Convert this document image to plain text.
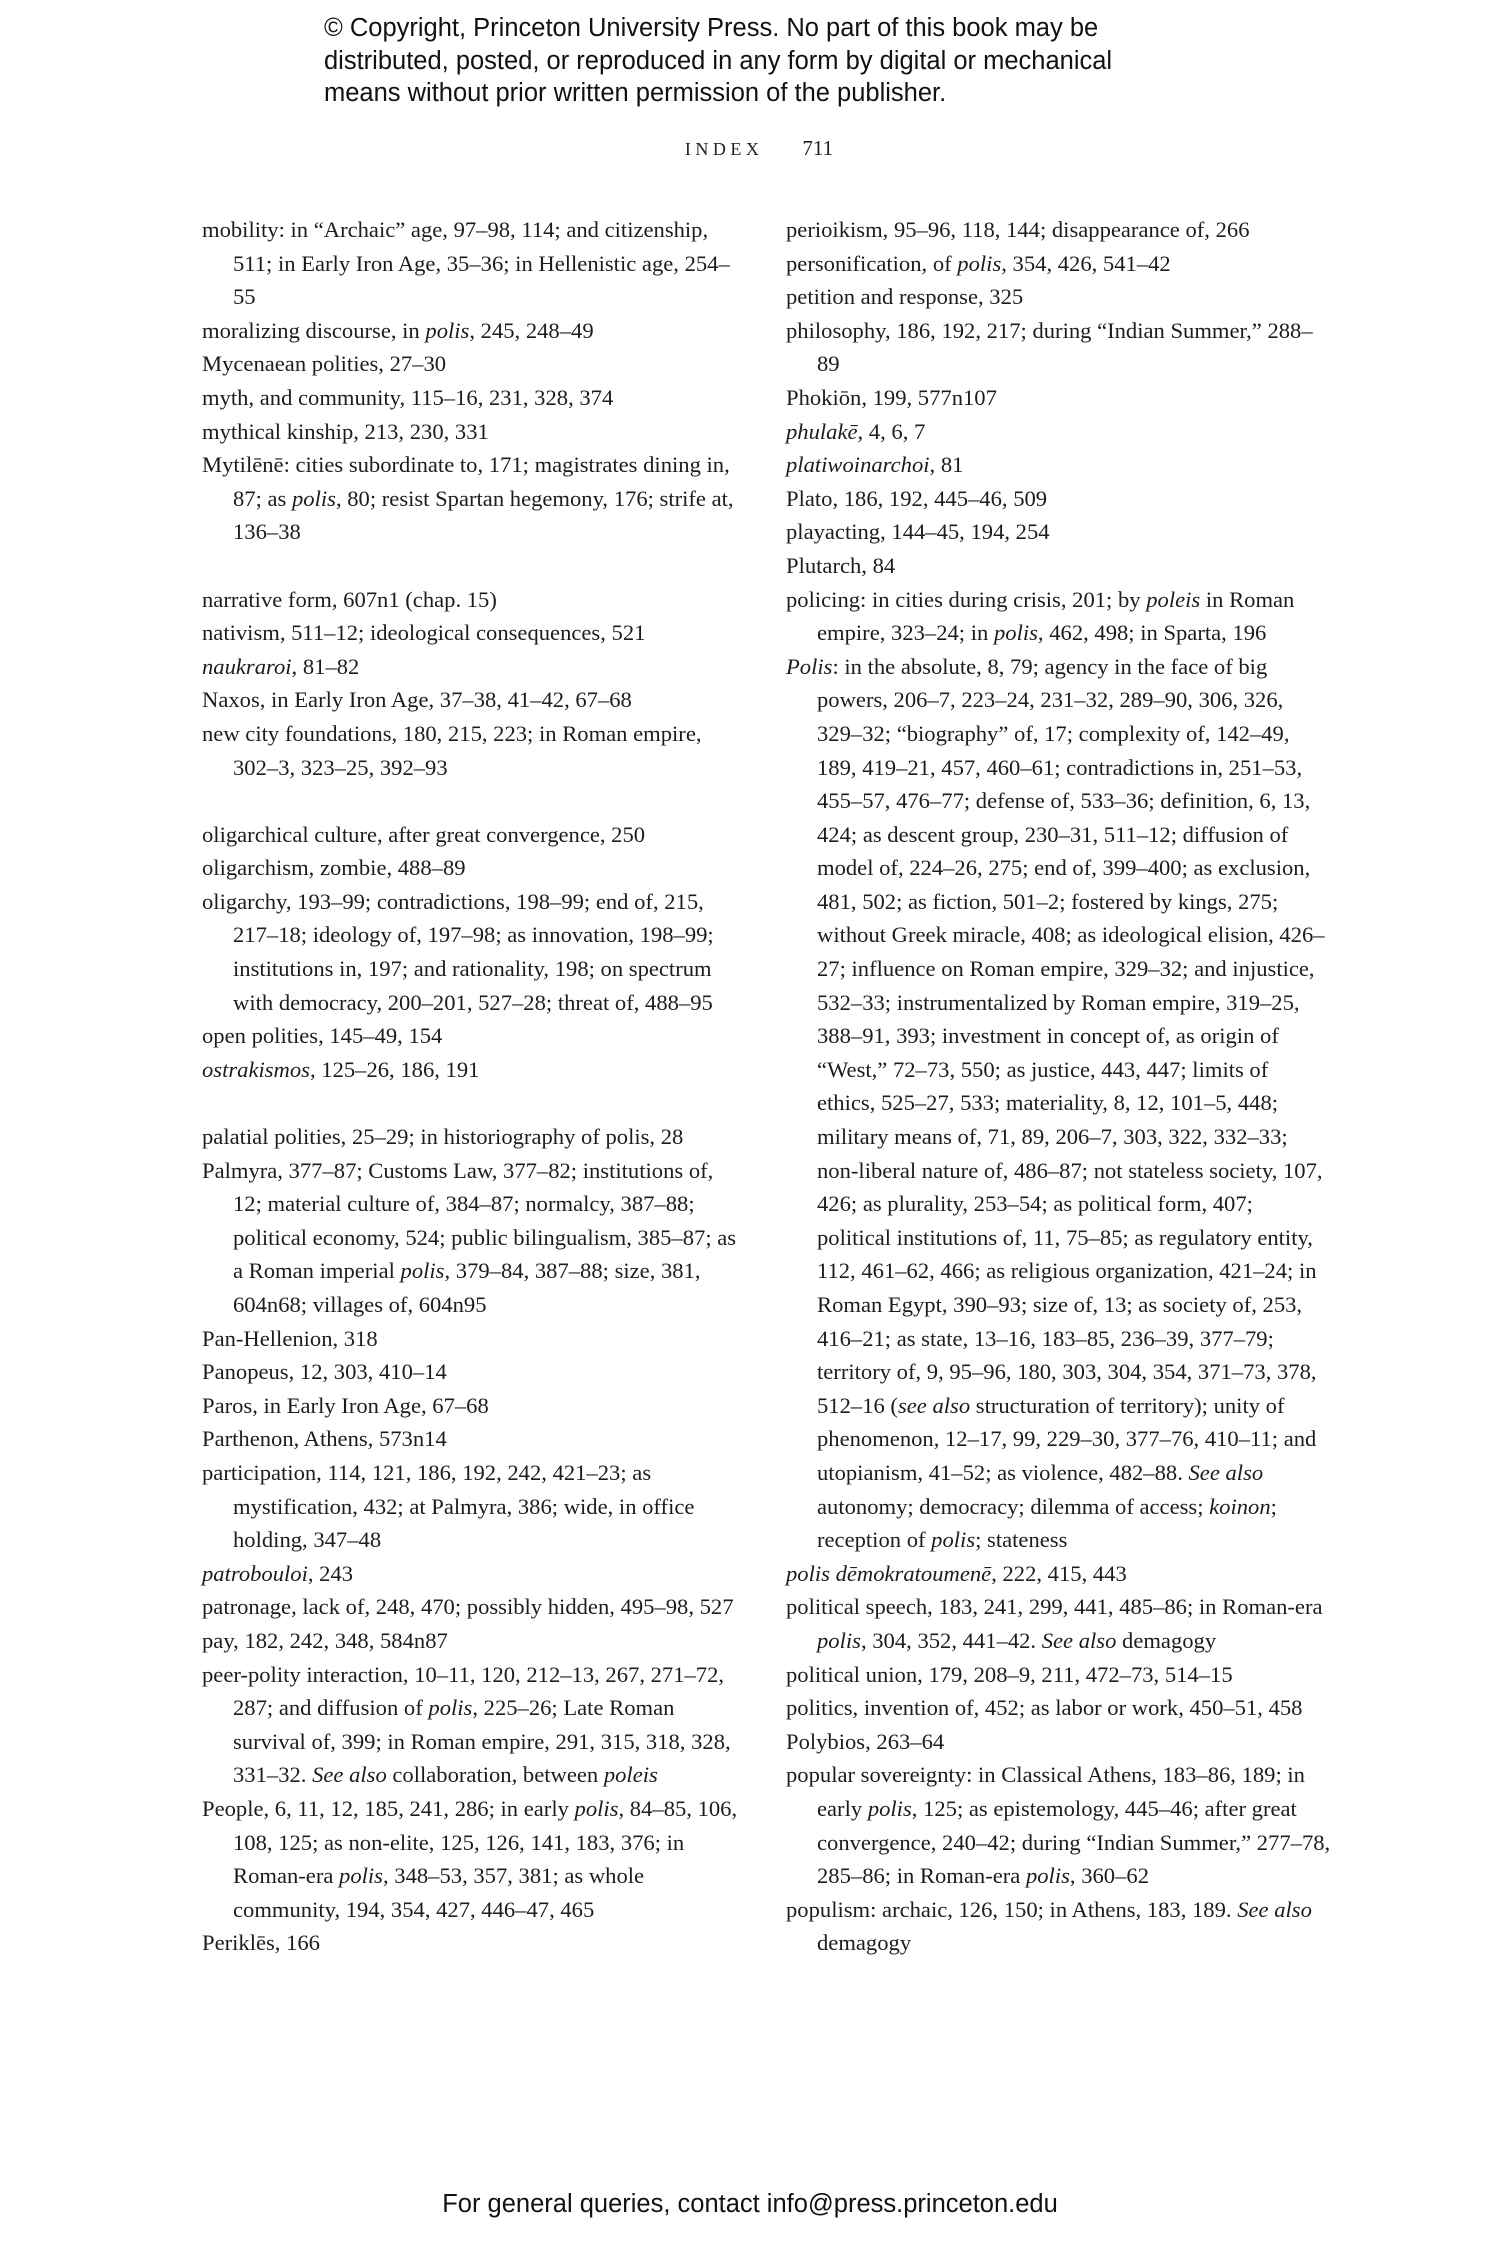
© Copyright, Princeton University Press. No part of this book may be
distributed, posted, or reproduced in any form by digital or mechanical
means without prior written permission of the publisher.
INDEX 711
mobility: in “Archaic” age, 97–98, 114; and citizenship, 511; in Early Iron Age, 35–36; in Hellenistic age, 254–55
moralizing discourse, in polis, 245, 248–49
Mycenaean polities, 27–30
myth, and community, 115–16, 231, 328, 374
mythical kinship, 213, 230, 331
Mytilēnē: cities subordinate to, 171; magistrates dining in, 87; as polis, 80; resist Spartan hegemony, 176; strife at, 136–38
narrative form, 607n1 (chap. 15)
nativism, 511–12; ideological consequences, 521
naukraroi, 81–82
Naxos, in Early Iron Age, 37–38, 41–42, 67–68
new city foundations, 180, 215, 223; in Roman empire, 302–3, 323–25, 392–93
oligarchical culture, after great convergence, 250
oligarchism, zombie, 488–89
oligarchy, 193–99; contradictions, 198–99; end of, 215, 217–18; ideology of, 197–98; as innovation, 198–99; institutions in, 197; and rationality, 198; on spectrum with democracy, 200–201, 527–28; threat of, 488–95
open polities, 145–49, 154
ostrakismos, 125–26, 186, 191
palatial polities, 25–29; in historiography of polis, 28
Palmyra, 377–87; Customs Law, 377–82; institutions of, 12; material culture of, 384–87; normalcy, 387–88; political economy, 524; public bilingualism, 385–87; as a Roman imperial polis, 379–84, 387–88; size, 381, 604n68; villages of, 604n95
Pan-Hellenion, 318
Panopeus, 12, 303, 410–14
Paros, in Early Iron Age, 67–68
Parthenon, Athens, 573n14
participation, 114, 121, 186, 192, 242, 421–23; as mystification, 432; at Palmyra, 386; wide, in office holding, 347–48
patrobouloi, 243
patronage, lack of, 248, 470; possibly hidden, 495–98, 527
pay, 182, 242, 348, 584n87
peer-polity interaction, 10–11, 120, 212–13, 267, 271–72, 287; and diffusion of polis, 225–26; Late Roman survival of, 399; in Roman empire, 291, 315, 318, 328, 331–32. See also collaboration, between poleis
People, 6, 11, 12, 185, 241, 286; in early polis, 84–85, 106, 108, 125; as non-elite, 125, 126, 141, 183, 376; in Roman-era polis, 348–53, 357, 381; as whole community, 194, 354, 427, 446–47, 465
Periklēs, 166
perioikism, 95–96, 118, 144; disappearance of, 266
personification, of polis, 354, 426, 541–42
petition and response, 325
philosophy, 186, 192, 217; during “Indian Summer,” 288–89
Phokiōn, 199, 577n107
phulakē, 4, 6, 7
platiwoinarchoi, 81
Plato, 186, 192, 445–46, 509
playacting, 144–45, 194, 254
Plutarch, 84
policing: in cities during crisis, 201; by poleis in Roman empire, 323–24; in polis, 462, 498; in Sparta, 196
Polis: in the absolute, 8, 79; agency in the face of big powers, 206–7, 223–24, 231–32, 289–90, 306, 326, 329–32; “biography” of, 17; complexity of, 142–49, 189, 419–21, 457, 460–61; contradictions in, 251–53, 455–57, 476–77; defense of, 533–36; definition, 6, 13, 424; as descent group, 230–31, 511–12; diffusion of model of, 224–26, 275; end of, 399–400; as exclusion, 481, 502; as fiction, 501–2; fostered by kings, 275; without Greek miracle, 408; as ideological elision, 426–27; influence on Roman empire, 329–32; and injustice, 532–33; instrumentalized by Roman empire, 319–25, 388–91, 393; investment in concept of, as origin of “West,” 72–73, 550; as justice, 443, 447; limits of ethics, 525–27, 533; materiality, 8, 12, 101–5, 448; military means of, 71, 89, 206–7, 303, 322, 332–33; non-liberal nature of, 486–87; not stateless society, 107, 426; as plurality, 253–54; as political form, 407; political institutions of, 11, 75–85; as regulatory entity, 112, 461–62, 466; as religious organization, 421–24; in Roman Egypt, 390–93; size of, 13; as society of, 253, 416–21; as state, 13–16, 183–85, 236–39, 377–79; territory of, 9, 95–96, 180, 303, 304, 354, 371–73, 378, 512–16 (see also structuration of territory); unity of phenomenon, 12–17, 99, 229–30, 377–76, 410–11; and utopianism, 41–52; as violence, 482–88. See also autonomy; democracy; dilemma of access; koinon; reception of polis; stateness
polis dēmokratoumenē, 222, 415, 443
political speech, 183, 241, 299, 441, 485–86; in Roman-era polis, 304, 352, 441–42. See also demagogy
political union, 179, 208–9, 211, 472–73, 514–15
politics, invention of, 452; as labor or work, 450–51, 458
Polybios, 263–64
popular sovereignty: in Classical Athens, 183–86, 189; in early polis, 125; as epistemology, 445–46; after great convergence, 240–42; during “Indian Summer,” 277–78, 285–86; in Roman-era polis, 360–62
populism: archaic, 126, 150; in Athens, 183, 189. See also demagogy
For general queries, contact info@press.princeton.edu
